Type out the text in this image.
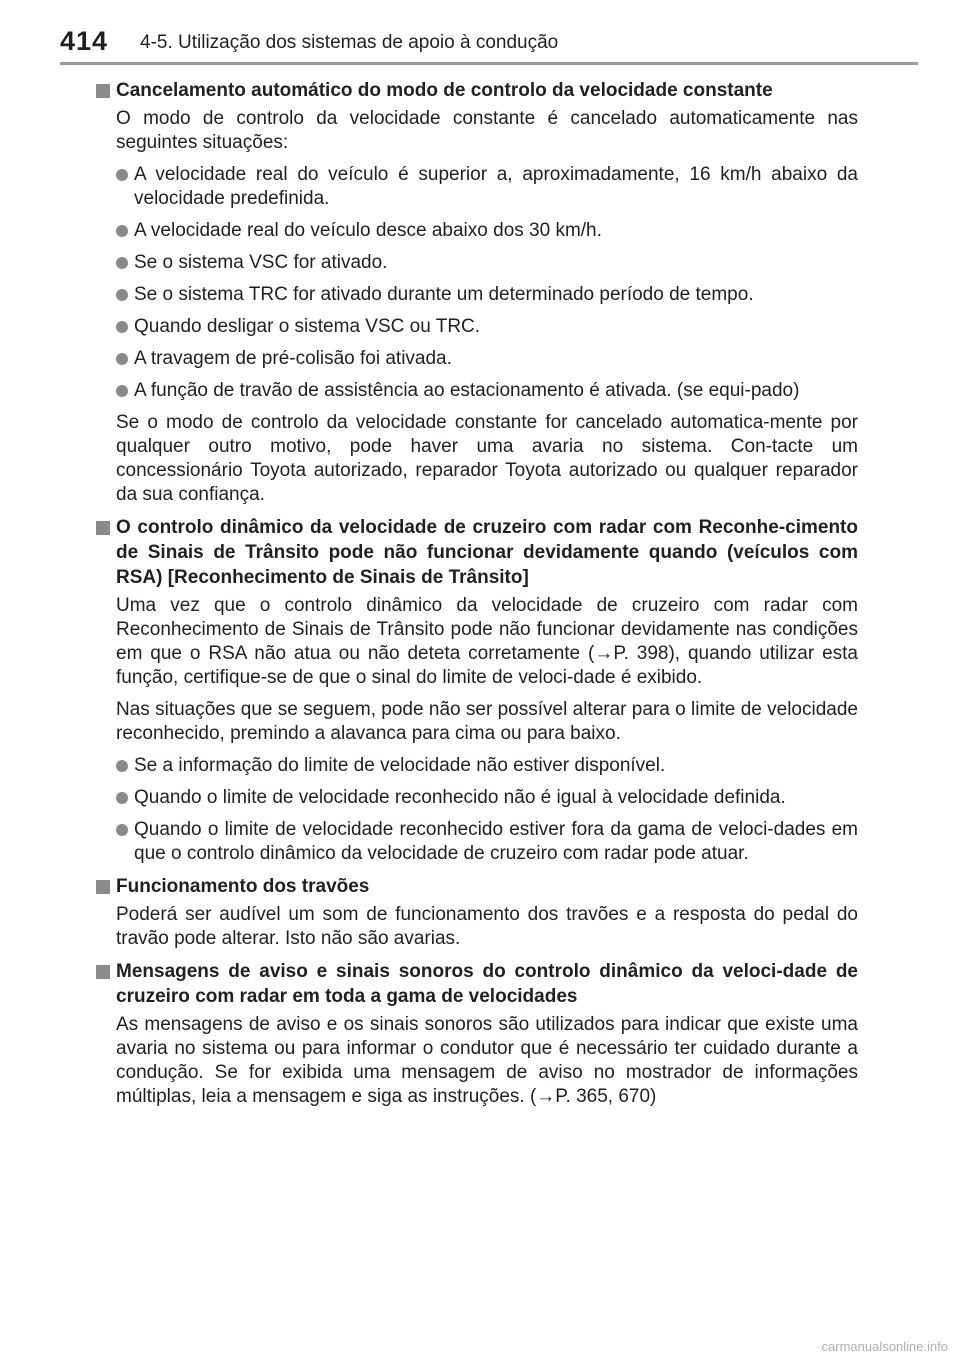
414 4-5. Utilização dos sistemas de apoio à condução
Cancelamento automático do modo de controlo da velocidade constante

O modo de controlo da velocidade constante é cancelado automaticamente nas seguintes situações:

A velocidade real do veículo é superior a, aproximadamente, 16 km/h abaixo da velocidade predefinida.
A velocidade real do veículo desce abaixo dos 30 km/h.
Se o sistema VSC for ativado.
Se o sistema TRC for ativado durante um determinado período de tempo.
Quando desligar o sistema VSC ou TRC.
A travagem de pré-colisão foi ativada.
A função de travão de assistência ao estacionamento é ativada. (se equi-pado)

Se o modo de controlo da velocidade constante for cancelado automatica-mente por qualquer outro motivo, pode haver uma avaria no sistema. Con-tacte um concessionário Toyota autorizado, reparador Toyota autorizado ou qualquer reparador da sua confiança.

O controlo dinâmico da velocidade de cruzeiro com radar com Reconhe-cimento de Sinais de Trânsito pode não funcionar devidamente quando (veículos com RSA) [Reconhecimento de Sinais de Trânsito]

Uma vez que o controlo dinâmico da velocidade de cruzeiro com radar com Reconhecimento de Sinais de Trânsito pode não funcionar devidamente nas condições em que o RSA não atua ou não deteta corretamente (→P. 398), quando utilizar esta função, certifique-se de que o sinal do limite de veloci-dade é exibido.

Nas situações que se seguem, pode não ser possível alterar para o limite de velocidade reconhecido, premindo a alavanca para cima ou para baixo.

Se a informação do limite de velocidade não estiver disponível.
Quando o limite de velocidade reconhecido não é igual à velocidade definida.
Quando o limite de velocidade reconhecido estiver fora da gama de veloci-dades em que o controlo dinâmico da velocidade de cruzeiro com radar pode atuar.
Funcionamento dos travões

Poderá ser audível um som de funcionamento dos travões e a resposta do pedal do travão pode alterar. Isto não são avarias.

Mensagens de aviso e sinais sonoros do controlo dinâmico da veloci-dade de cruzeiro com radar em toda a gama de velocidades

As mensagens de aviso e os sinais sonoros são utilizados para indicar que existe uma avaria no sistema ou para informar o condutor que é necessário ter cuidado durante a condução. Se for exibida uma mensagem de aviso no mostrador de informações múltiplas, leia a mensagem e siga as instruções. (→P. 365, 670)

carmanualsonline.info
